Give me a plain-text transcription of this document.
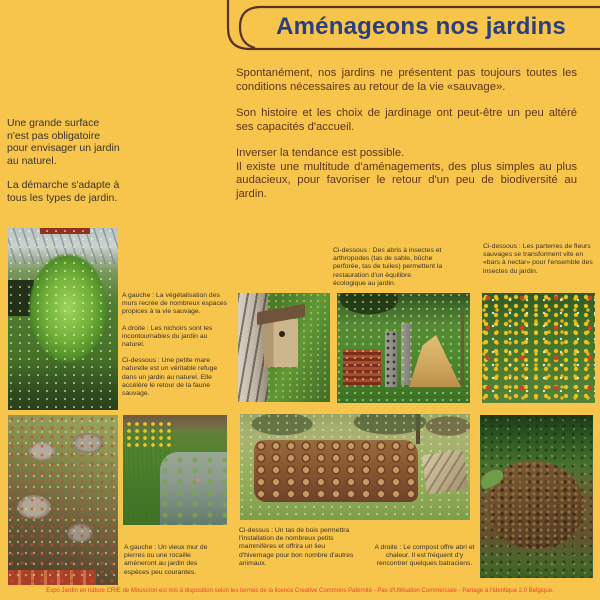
Aménageons nos jardins

Une grande surface n'est pas obligatoire pour envisager un jardin au naturel.

La démarche s'adapte à tous les types de jardin.

Spontanément, nos jardins ne présentent pas toujours toutes les conditions nécessaires au retour de la vie «sauvage».

Son histoire et les choix de jardinage ont peut-être un peu altéré ses capacités d'accueil.

Inverser la tendance est possible.

Il existe une multitude d'aménagements, des plus simples au plus audacieux, pour favoriser le retour d'un peu de biodiversité au jardin.

A gauche : La végétalisation des murs recrée de nombreux espaces propices à la vie sauvage.

A droite : Les nichoirs sont les incontournables du jardin au naturel.

Ci-dessous : Une petite mare naturelle est un véritable refuge dans un jardin au naturel. Elle accélère le retour de la faune sauvage.

Ci-dessous : Des abris à insectes et arthropodes (tas de sable, bûche perforée, tas de tuiles) permettent la restauration d'un équilibre écologique au jardin.
Ci-dessous : Les parterres de fleurs sauvages se transforment vite en «bars à nectar» pour l'ensemble des insectes du jardin.
A gauche : Un vieux mur de pierres ou une rocaille amèneront au jardin des espèces peu courantes.
Ci-dessus : Un tas de bois permettra l'installation de nombreux petits mammifères et offrira un lieu d'hivernage pour bon nombre d'autres animaux.
A droite : Le compost offre abri et chaleur. Il est fréquent d'y rencontrer quelques batraciens.
Expo Jardin en nature CRIE de Mouscron est mis à disposition selon les termes de la licence Creative Commons Paternité - Pas d'Utilisation Commerciale - Partage à l'Identique 2.0 Belgique.
